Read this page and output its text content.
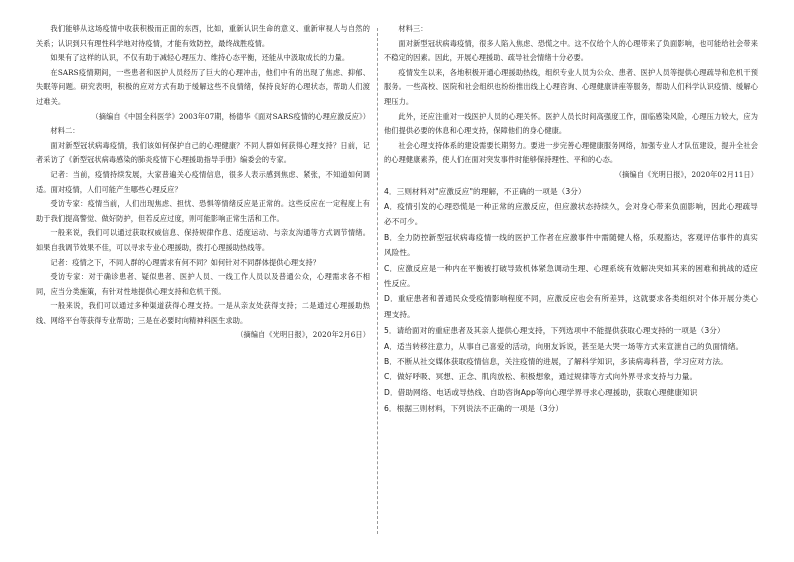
我们能够从这场疫情中收获积极而正面的东西，比如，重新认识生命的意义、重新审视人与自然的关系；认识到只有理性科学地对待疫情，才能有效防控，最终战胜疫情。

如果有了这样的认识，不仅有助于减轻心理压力、维持心态平衡，还能从中汲取成长的力量。

在SARS疫情期间，一些患者和医护人员经历了巨大的心理冲击，他们中有的出现了焦虑、抑郁、失眠等问题。研究表明，积极的应对方式有助于缓解这些不良情绪，保持良好的心理状态，帮助人们渡过难关。

（摘编自《中国全科医学》2003年07期，杨德华《面对SARS疫情的心理应激反应》）

材料二：

面对新型冠状病毒疫情，我们该如何保护自己的心理健康？不同人群如何获得心理支持？日前，记者采访了《新型冠状病毒感染的肺炎疫情下心理援助指导手册》编委会的专家。

记者：当前，疫情持续发展，大家普遍关心疫情信息，很多人表示感到焦虑、紧张，不知道如何调适。面对疫情，人们可能产生哪些心理反应？

受访专家：疫情当前，人们出现焦虑、担忧、恐惧等情绪反应是正常的。这些反应在一定程度上有助于我们提高警觉、做好防护，但若反应过度，则可能影响正常生活和工作。

一般来说，我们可以通过获取权威信息、保持规律作息、适度运动、与亲友沟通等方式调节情绪。如果自我调节效果不佳，可以寻求专业心理援助，拨打心理援助热线等。

记者：疫情之下，不同人群的心理需求有何不同？如何针对不同群体提供心理支持？

受访专家：对于确诊患者、疑似患者、医护人员、一线工作人员以及普通公众，心理需求各不相同，应当分类施策，有针对性地提供心理支持和危机干预。

一般来说，我们可以通过多种渠道获得心理支持。一是从亲友处获得支持；二是通过心理援助热线、网络平台等获得专业帮助；三是在必要时向精神科医生求助。

（摘编自《光明日报》，2020年2月6日）

材料三：

面对新型冠状病毒疫情，很多人陷入焦虑、恐慌之中。这不仅给个人的心理带来了负面影响，也可能给社会带来不稳定的因素。因此，开展心理援助、疏导社会情绪十分必要。

疫情发生以来，各地积极开通心理援助热线，组织专业人员为公众、患者、医护人员等提供心理疏导和危机干预服务。一些高校、医院和社会组织也纷纷推出线上心理咨询、心理健康讲座等服务，帮助人们科学认识疫情、缓解心理压力。

此外，还应注重对一线医护人员的心理关怀。医护人员长时间高强度工作，面临感染风险，心理压力较大，应为他们提供必要的休息和心理支持，保障他们的身心健康。

社会心理支持体系的建设需要长期努力。要进一步完善心理健康服务网络，加强专业人才队伍建设，提升全社会的心理健康素养，使人们在面对突发事件时能够保持理性、平和的心态。

（摘编自《光明日报》，2020年02月11日）

4．三则材料对"应激反应"的理解，不正确的一项是（3分）

A．疫情引发的心理恐慌是一种正常的应激反应，但应激状态持续久，会对身心带来负面影响，因此心理疏导必不可少。

B．全力防控新型冠状病毒疫情一线的医护工作者在应激事件中需随健人格，乐观豁达，客观评估事件的真实风险性。

C．应激反应是一种内在平衡被打破导致机体紧急调动生理、心理系统有效解决突如其来的困难和挑战的适应性反应。

D．重症患者和普通民众受疫情影响程度不同，应激反应也会有所差异，这就要求各类组织对个体开展分类心理支持。

5．请给面对的重症患者及其亲人提供心理支持，下列选项中不能提供获取心理支持的一项是（3分）

A．适当转移注意力，从事自己喜爱的活动，向朋友诉说，甚至是大哭一场等方式来宣泄自己的负面情绪。

B．不断从社交媒体获取疫情信息，关注疫情的进展，了解科学知识，多读病毒科普，学习应对方法。

C．做好呼吸、冥想、正念、肌肉放松、积极想象，通过规律等方式向外界寻求支持与力量。

D．借助网络、电话或导热线、自助咨询App等向心理学界寻求心理援助，获取心理健康知识

6．根据三则材料，下列说法不正确的一项是（3分）
